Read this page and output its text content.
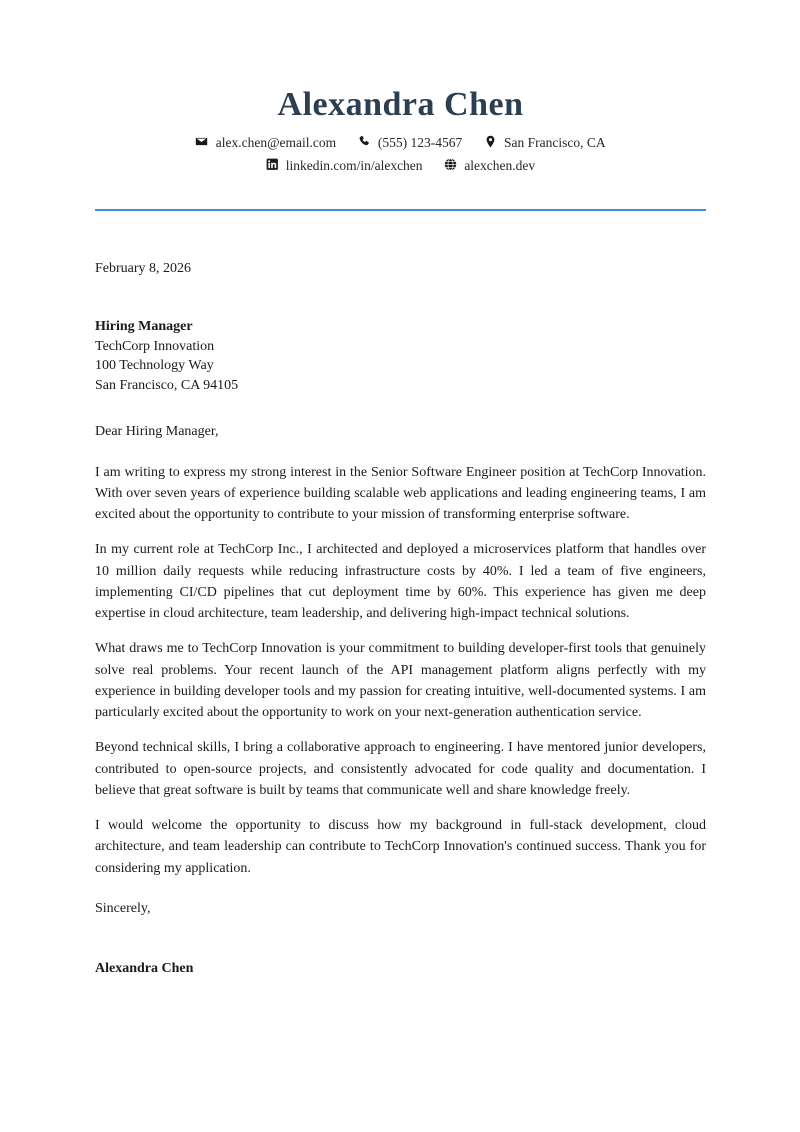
Alexandra Chen
alex.chen@email.com	(555) 123-4567	San Francisco, CA
linkedin.com/in/alexchen	alexchen.dev
February 8, 2026
Hiring Manager
TechCorp Innovation
100 Technology Way
San Francisco, CA 94105
Dear Hiring Manager,

I am writing to express my strong interest in the Senior Software Engineer position at TechCorp Innovation. With over seven years of experience building scalable web applications and leading engineering teams, I am excited about the opportunity to contribute to your mission of transforming enterprise software.

In my current role at TechCorp Inc., I architected and deployed a microservices platform that handles over 10 million daily requests while reducing infrastructure costs by 40%. I led a team of five engineers, implementing CI/CD pipelines that cut deployment time by 60%. This experience has given me deep expertise in cloud architecture, team leadership, and delivering high-impact technical solutions.

What draws me to TechCorp Innovation is your commitment to building developer-first tools that genuinely solve real problems. Your recent launch of the API management platform aligns perfectly with my experience in building developer tools and my passion for creating intuitive, well-documented systems. I am particularly excited about the opportunity to work on your next-generation authentication service.

Beyond technical skills, I bring a collaborative approach to engineering. I have mentored junior developers, contributed to open-source projects, and consistently advocated for code quality and documentation. I believe that great software is built by teams that communicate well and share knowledge freely.

I would welcome the opportunity to discuss how my background in full-stack development, cloud architecture, and team leadership can contribute to TechCorp Innovation's continued success. Thank you for considering my application.

Sincerely,
Alexandra Chen
